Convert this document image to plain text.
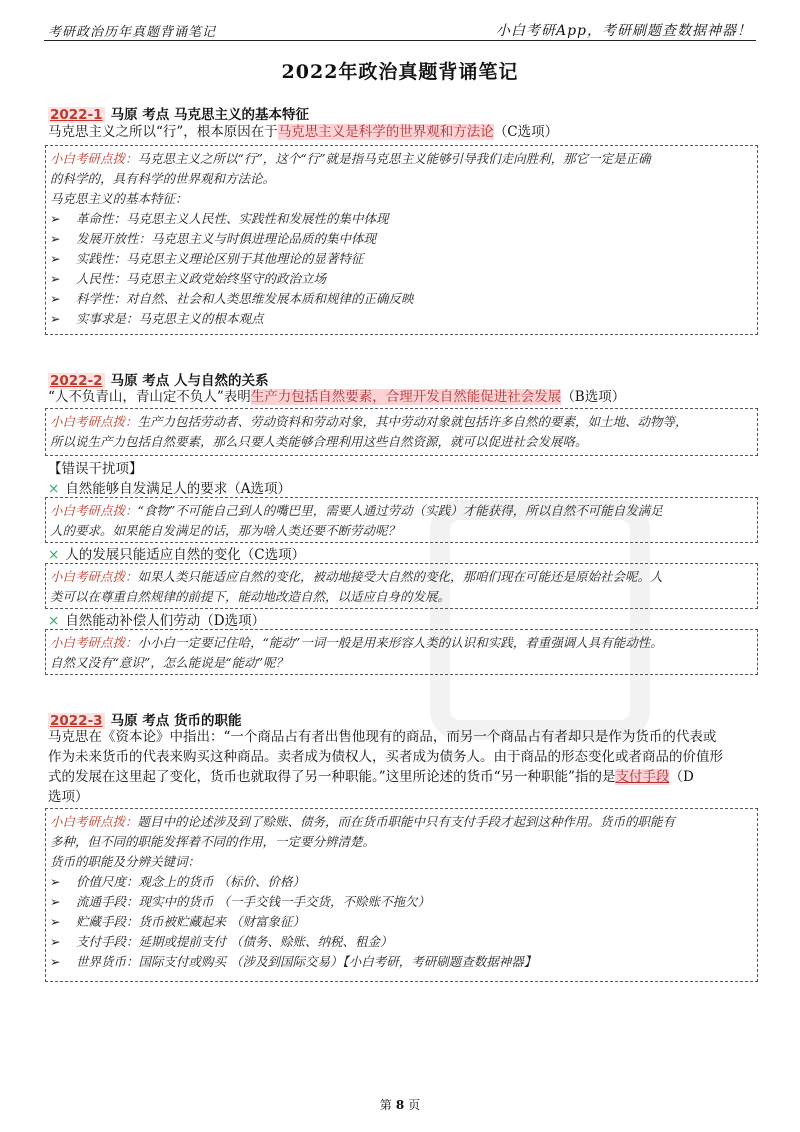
考研政治历年真题背诵笔记	小白考研App，考研刷题查数据神器！
2022年政治真题背诵笔记
2022-1 马原 考点 马克思主义的基本特征
马克思主义之所以“行”，根本原因在于马克思主义是科学的世界观和方法论（C选项）
小白考研点拨：马克思主义之所以“行”，这个“行”就是指马克思主义能够引导我们走向胜利，那它一定是正确
的科学的，具有科学的世界观和方法论。
马克思主义的基本特征：
➢ 革命性：马克思主义人民性、实践性和发展性的集中体现
➢ 发展开放性：马克思主义与时俱进理论品质的集中体现
➢ 实践性：马克思主义理论区别于其他理论的显著特征
➢ 人民性：马克思主义政党始终坚守的政治立场
➢ 科学性：对自然、社会和人类思维发展本质和规律的正确反映
➢ 实事求是：马克思主义的根本观点
2022-2 马原 考点 人与自然的关系
“人不负青山，青山定不负人”表明生产力包括自然要素，合理开发自然能促进社会发展（B选项）
小白考研点拨：生产力包括劳动者、劳动资料和劳动对象，其中劳动对象就包括许多自然的要素，如土地、动物等，
所以说生产力包括自然要素，那么只要人类能够合理利用这些自然资源，就可以促进社会发展咯。
【错误干扰项】
× 自然能够自发满足人的要求（A选项）
小白考研点拨：“食物”不可能自己到人的嘴巴里，需要人通过劳动（实践）才能获得，所以自然不可能自发满足
人的要求。如果能自发满足的话，那为啥人类还要不断劳动呢？
× 人的发展只能适应自然的变化（C选项）
小白考研点拨：如果人类只能适应自然的变化，被动地接受大自然的变化，那咱们现在可能还是原始社会呢。人
类可以在尊重自然规律的前提下，能动地改造自然，以适应自身的发展。
× 自然能动补偿人们劳动（D选项）
小白考研点拨：小小白一定要记住哈，“能动”一词一般是用来形容人类的认识和实践，着重强调人具有能动性。
自然又没有“意识”，怎么能说是“能动”呢？
2022-3 马原 考点 货币的职能
马克思在《资本论》中指出：“一个商品占有者出售他现有的商品，而另一个商品占有者却只是作为货币的代表或
作为未来货币的代表来购买这种商品。卖者成为债权人，买者成为债务人。由于商品的形态变化或者商品的价值形
式的发展在这里起了变化，货币也就取得了另一种职能。”这里所论述的货币“另一种职能”指的是支付手段（D
选项）
小白考研点拨：题目中的论述涉及到了赊账、债务，而在货币职能中只有支付手段才起到这种作用。货币的职能有
多种，但不同的职能发挥着不同的作用，一定要分辨清楚。
货币的职能及分辨关键词：
➢ 价值尺度：观念上的货币 （标价、价格）
➢ 流通手段：现实中的货币 （一手交钱一手交货，不赊账不拖欠）
➢ 贮藏手段：货币被贮藏起来 （财富象征）
➢ 支付手段：延期或提前支付 （债务、赊账、纳税、租金）
➢ 世界货币：国际支付或购买 （涉及到国际交易）【小白考研，考研刷题查数据神器】
第 8 页
